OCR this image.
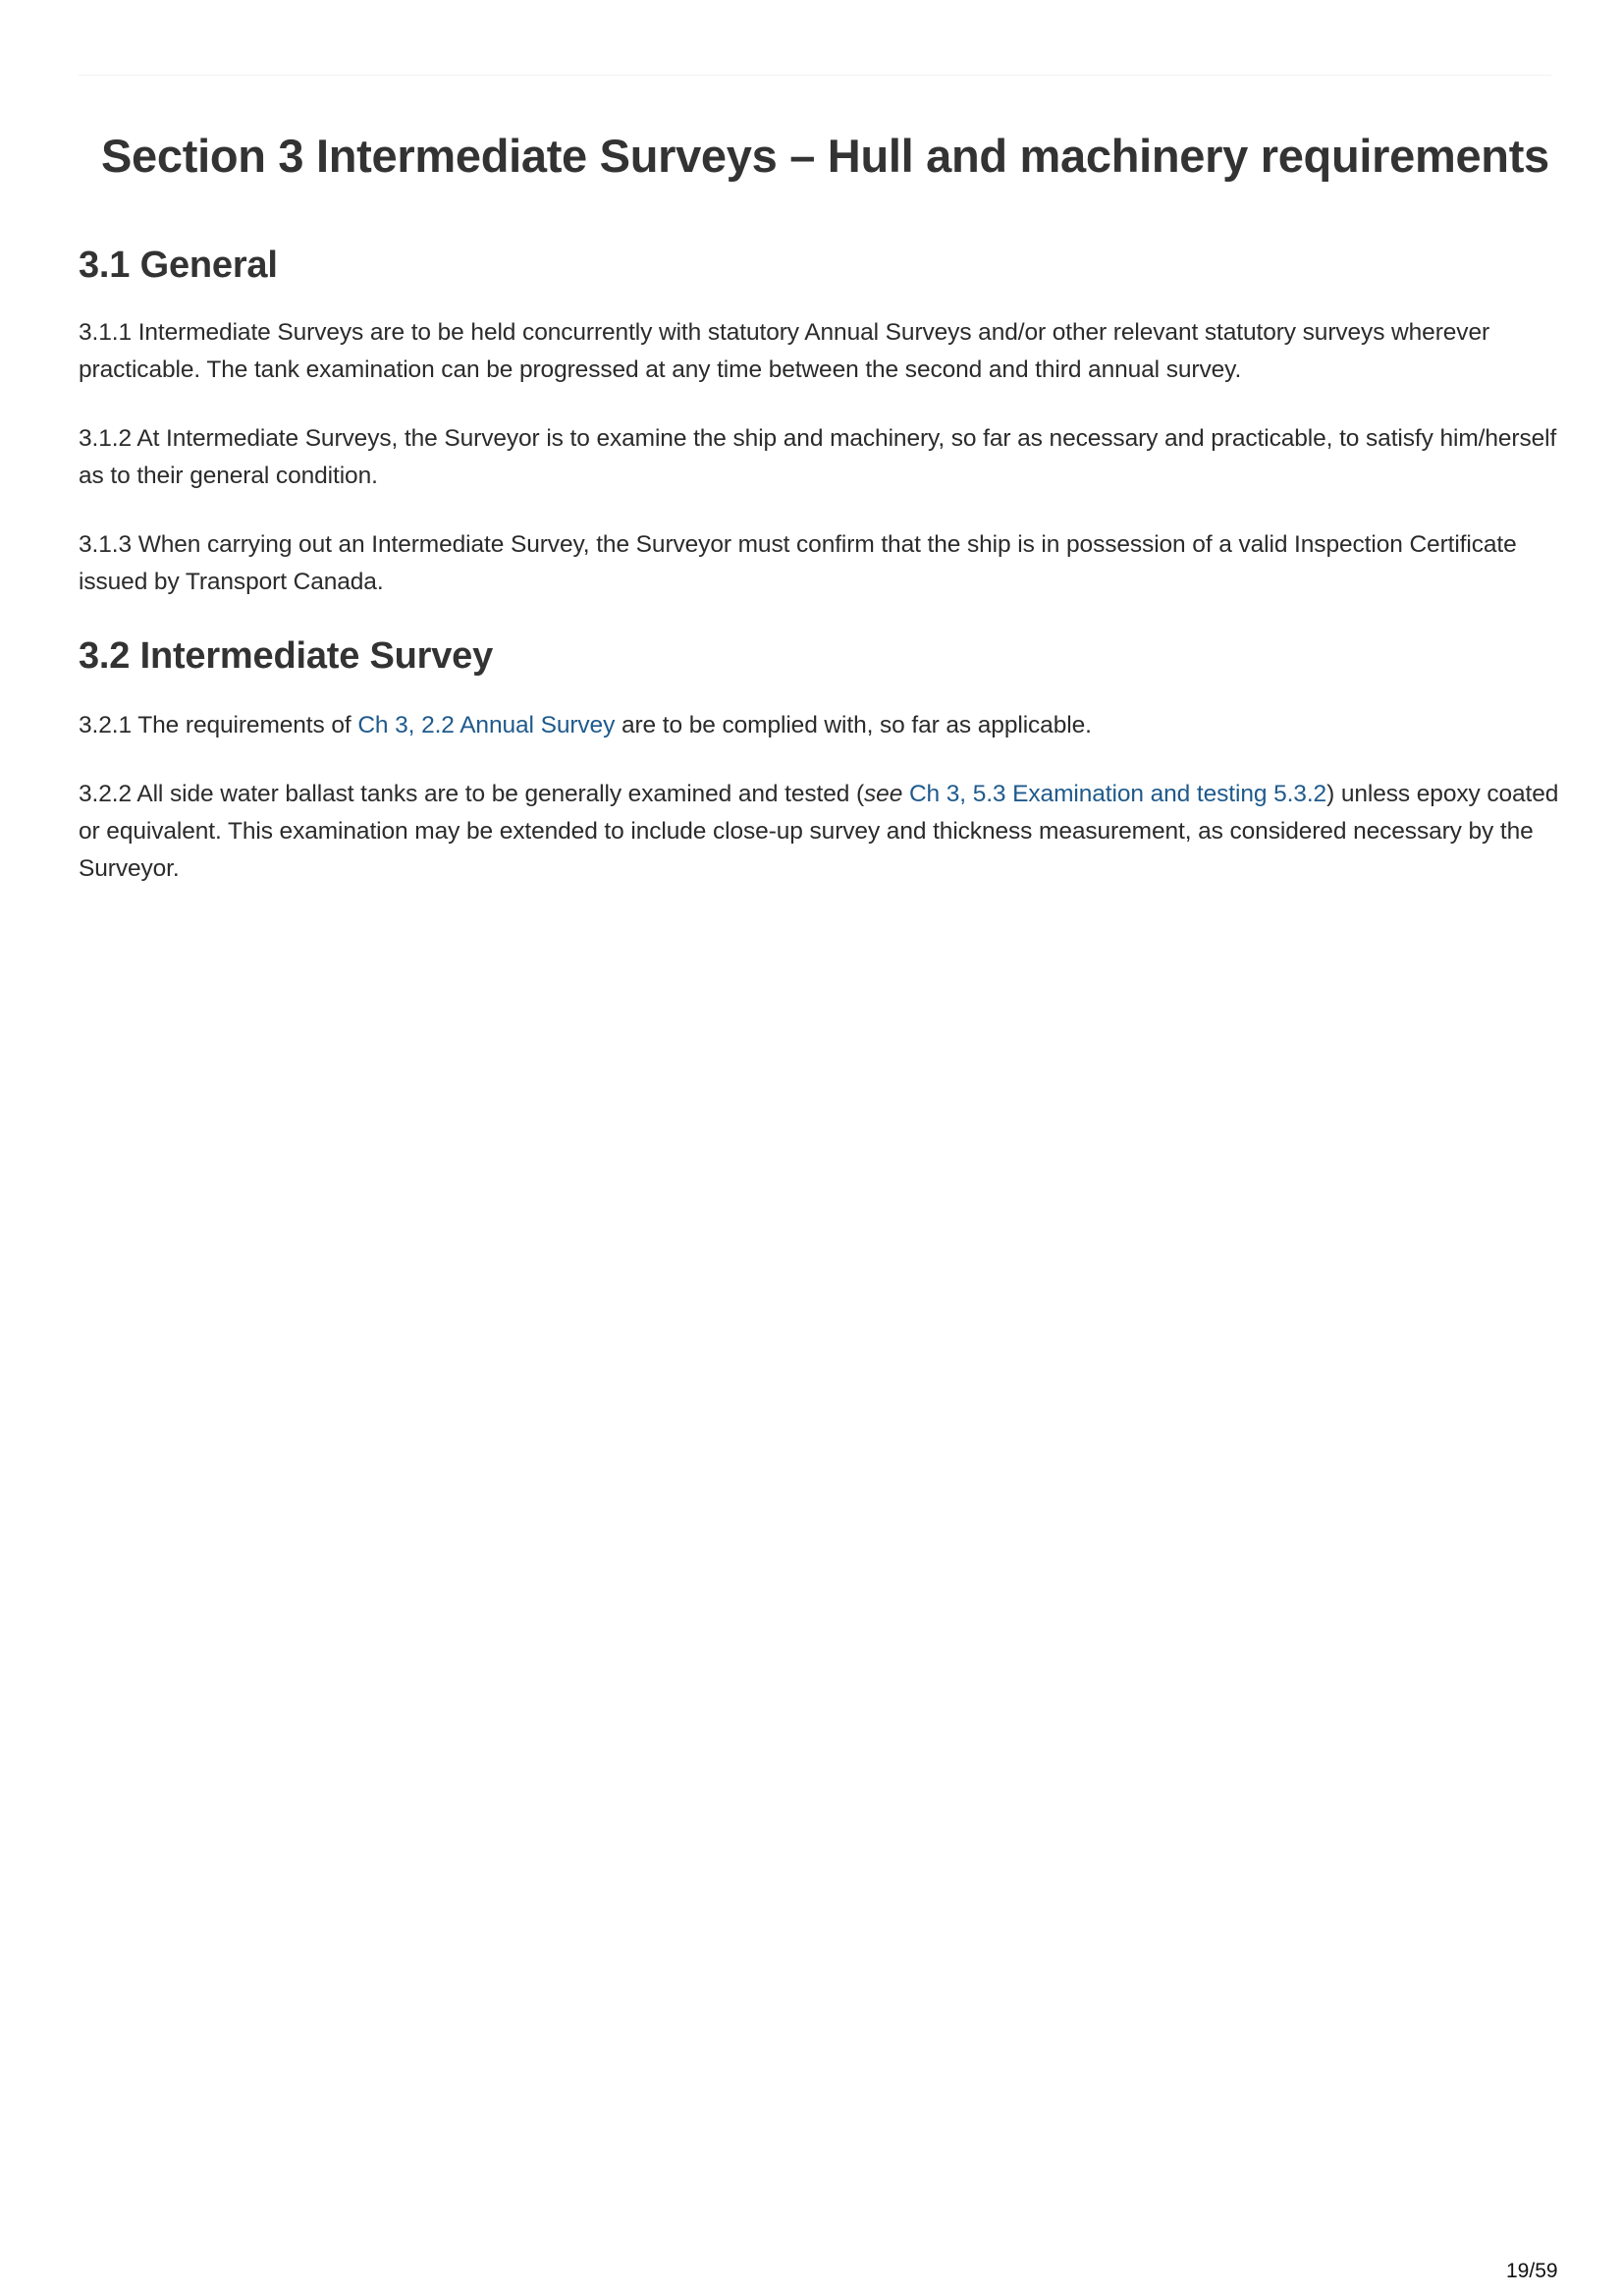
Section 3 Intermediate Surveys – Hull and machinery requirements
3.1 General

3.1.1 Intermediate Surveys are to be held concurrently with statutory Annual Surveys and/or other relevant statutory surveys wherever practicable. The tank examination can be progressed at any time between the second and third annual survey.

3.1.2 At Intermediate Surveys, the Surveyor is to examine the ship and machinery, so far as necessary and practicable, to satisfy him/herself as to their general condition.

3.1.3 When carrying out an Intermediate Survey, the Surveyor must confirm that the ship is in possession of a valid Inspection Certificate issued by Transport Canada.

3.2 Intermediate Survey

3.2.1 The requirements of Ch 3, 2.2 Annual Survey are to be complied with, so far as applicable.

3.2.2 All side water ballast tanks are to be generally examined and tested (see Ch 3, 5.3 Examination and testing 5.3.2) unless epoxy coated or equivalent. This examination may be extended to include close-up survey and thickness measurement, as considered necessary by the Surveyor.

19/59
